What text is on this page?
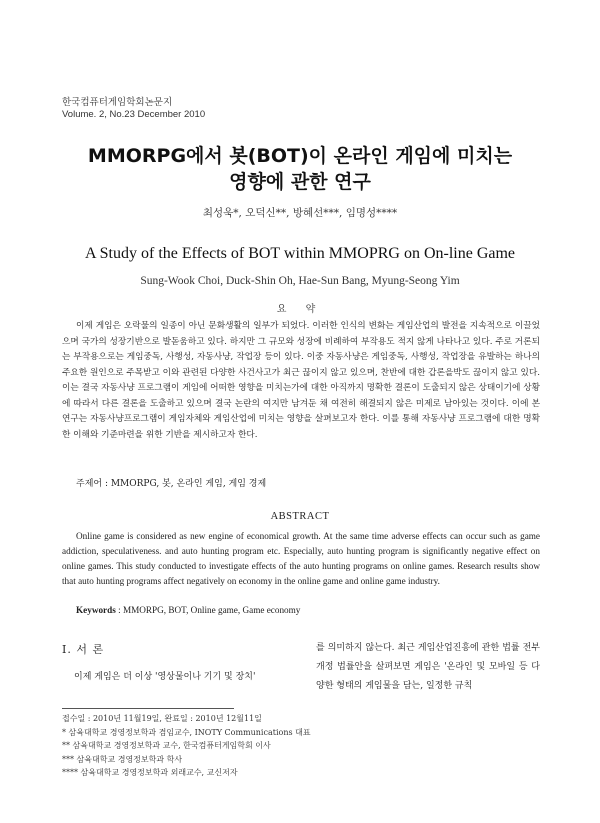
한국컴퓨터게임학회논문지
Volume. 2, No.23 December 2010
MMORPG에서 봇(BOT)이 온라인 게임에 미치는
영향에 관한 연구
최성욱*, 오덕신**, 방혜선***, 임명성****
A Study of the Effects of BOT within MMOPRG on On-line Game
Sung-Wook Choi, Duck-Shin Oh, Hae-Sun Bang, Myung-Seong Yim
요 약

이제 게임은 오락물의 일종이 아닌 문화생활의 일부가 되었다. 이러한 인식의 변화는 게임산업의 발전을 지속적으로 이끌었으며 국가의 성장기반으로 발돋움하고 있다. 하지만 그 규모와 성장에 비례하여 부작용도 적지 않게 나타나고 있다. 주로 거론되는 부작용으로는 게임중독, 사행성, 자동사냥, 작업장 등이 있다. 이중 자동사냥은 게임중독, 사행성, 작업장을 유발하는 하나의 주요한 원인으로 주목받고 이와 관련된 다양한 사건사고가 최근 끊이지 않고 있으며, 찬반에 대한 갑론을박도 끊이지 않고 있다. 이는 결국 자동사냥 프로그램이 게임에 어떠한 영향을 미치는가에 대한 아직까지 명확한 결론이 도출되지 않은 상태이기에 상황에 따라서 다른 결론을 도출하고 있으며 결국 논란의 여지만 남겨둔 채 여전히 해결되지 않은 미제로 남아있는 것이다. 이에 본 연구는 자동사냥프로그램이 게임자체와 게임산업에 미치는 영향을 살펴보고자 한다. 이를 통해 자동사냥 프로그램에 대한 명확한 이해와 기준마련을 위한 기반을 제시하고자 한다.

주제어 : MMORPG, 봇, 온라인 게임, 게임 경제
ABSTRACT

Online game is considered as new engine of economical growth. At the same time adverse effects can occur such as game addiction, speculativeness. and auto hunting program etc. Especially, auto hunting program is significantly negative effect on online games. This study conducted to investigate effects of the auto hunting programs on online games. Research results show that auto hunting programs affect negatively on economy in the online game and online game industry.

Keywords : MMORPG, BOT, Online game, Game economy
Ⅰ. 서 론

이제 게임은 더 이상 '영상물이나 기기 및 장치'

를 의미하지 않는다. 최근 게임산업진흥에 관한 법률 전부개정 법률안을 살펴보면 게임은 '온라인 및 모바일 등 다양한 형태의 게임물을 담는, 일정한 규칙

접수일 : 2010년 11월19일, 완료일 : 2010년 12월11일
* 삼육대학교 경영정보학과 겸임교수, INOTY Communications 대표
** 삼육대학교 경영정보학과 교수, 한국컴퓨터게임학회 이사
*** 삼육대학교 경영정보학과 학사
**** 삼육대학교 경영정보학과 외래교수, 교신저자
